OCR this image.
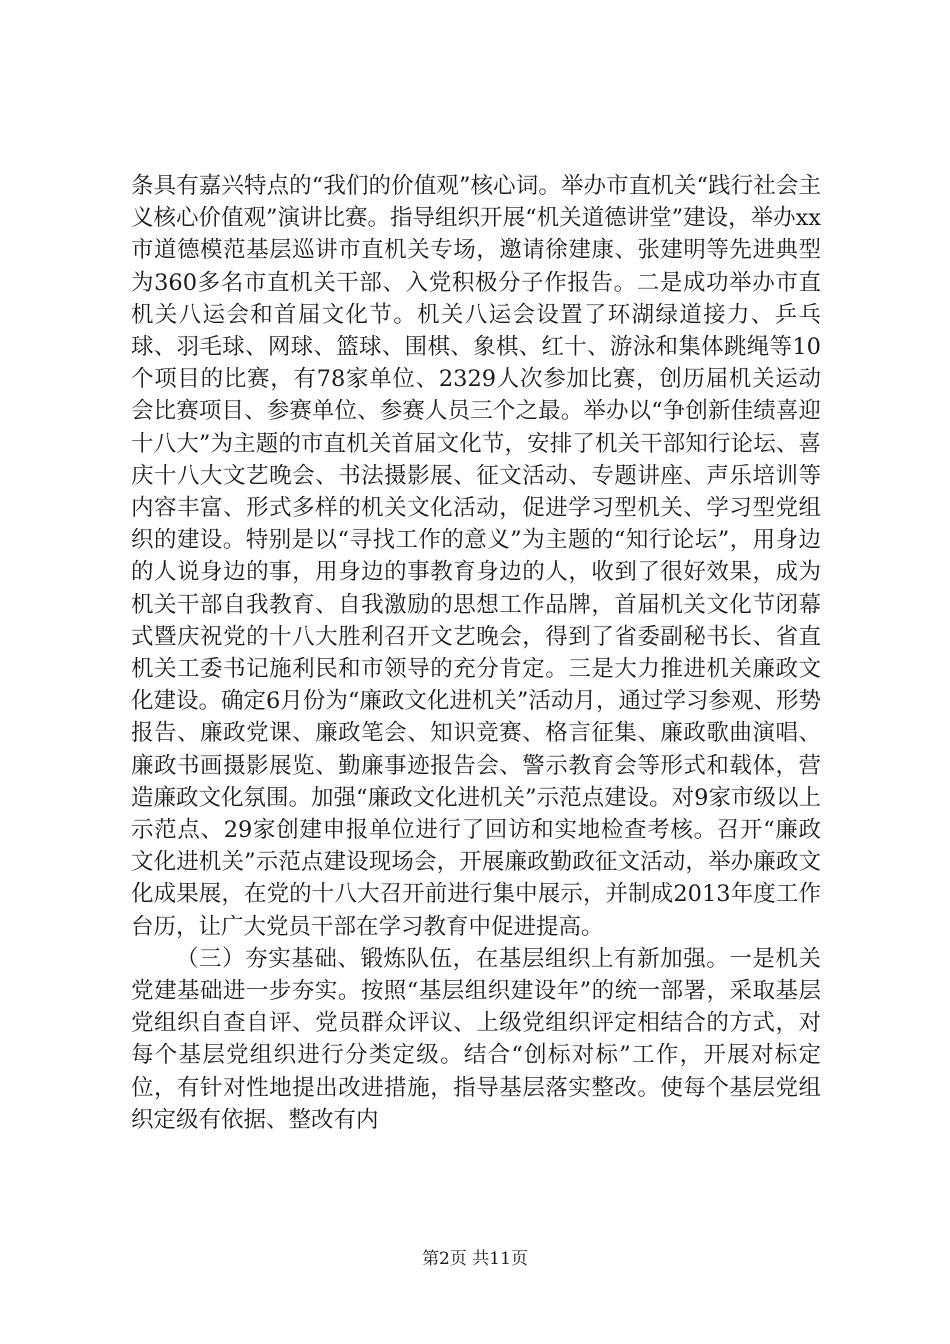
条具有嘉兴特点的“我们的价值观”核心词。举办市直机关“践行社会主义核心价值观”演讲比赛。指导组织开展“机关道德讲堂”建设，举办xx市道德模范基层巡讲市直机关专场，邀请徐建康、张建明等先进典型为360多名市直机关干部、入党积极分子作报告。二是成功举办市直机关八运会和首届文化节。机关八运会设置了环湖绿道接力、乒乓球、羽毛球、网球、篮球、围棋、象棋、红十、游泳和集体跳绳等10个项目的比赛，有78家单位、2329人次参加比赛，创历届机关运动会比赛项目、参赛单位、参赛人员三个之最。举办以“争创新佳绩喜迎十八大”为主题的市直机关首届文化节，安排了机关干部知行论坛、喜庆十八大文艺晚会、书法摄影展、征文活动、专题讲座、声乐培训等内容丰富、形式多样的机关文化活动，促进学习型机关、学习型党组织的建设。特别是以“寻找工作的意义”为主题的“知行论坛”，用身边的人说身边的事，用身边的事教育身边的人，收到了很好效果，成为机关干部自我教育、自我激励的思想工作品牌，首届机关文化节闭幕式暨庆祝党的十八大胜利召开文艺晚会，得到了省委副秘书长、省直机关工委书记施利民和市领导的充分肯定。三是大力推进机关廉政文化建设。确定6月份为“廉政文化进机关”活动月，通过学习参观、形势报告、廉政党课、廉政笔会、知识竞赛、格言征集、廉政歌曲演唱、廉政书画摄影展览、勤廉事迹报告会、警示教育会等形式和载体，营造廉政文化氛围。加强“廉政文化进机关”示范点建设。对9家市级以上示范点、29家创建申报单位进行了回访和实地检查考核。召开“廉政文化进机关”示范点建设现场会，开展廉政勤政征文活动，举办廉政文化成果展，在党的十八大召开前进行集中展示，并制成2013年度工作台历，让广大党员干部在学习教育中促进提高。

（三）夯实基础、锻炼队伍，在基层组织上有新加强。一是机关党建基础进一步夯实。按照“基层组织建设年”的统一部署，采取基层党组织自查自评、党员群众评议、上级党组织评定相结合的方式，对每个基层党组织进行分类定级。结合“创标对标”工作，开展对标定位，有针对性地提出改进措施，指导基层落实整改。使每个基层党组织定级有依据、整改有内

第2页 共11页
